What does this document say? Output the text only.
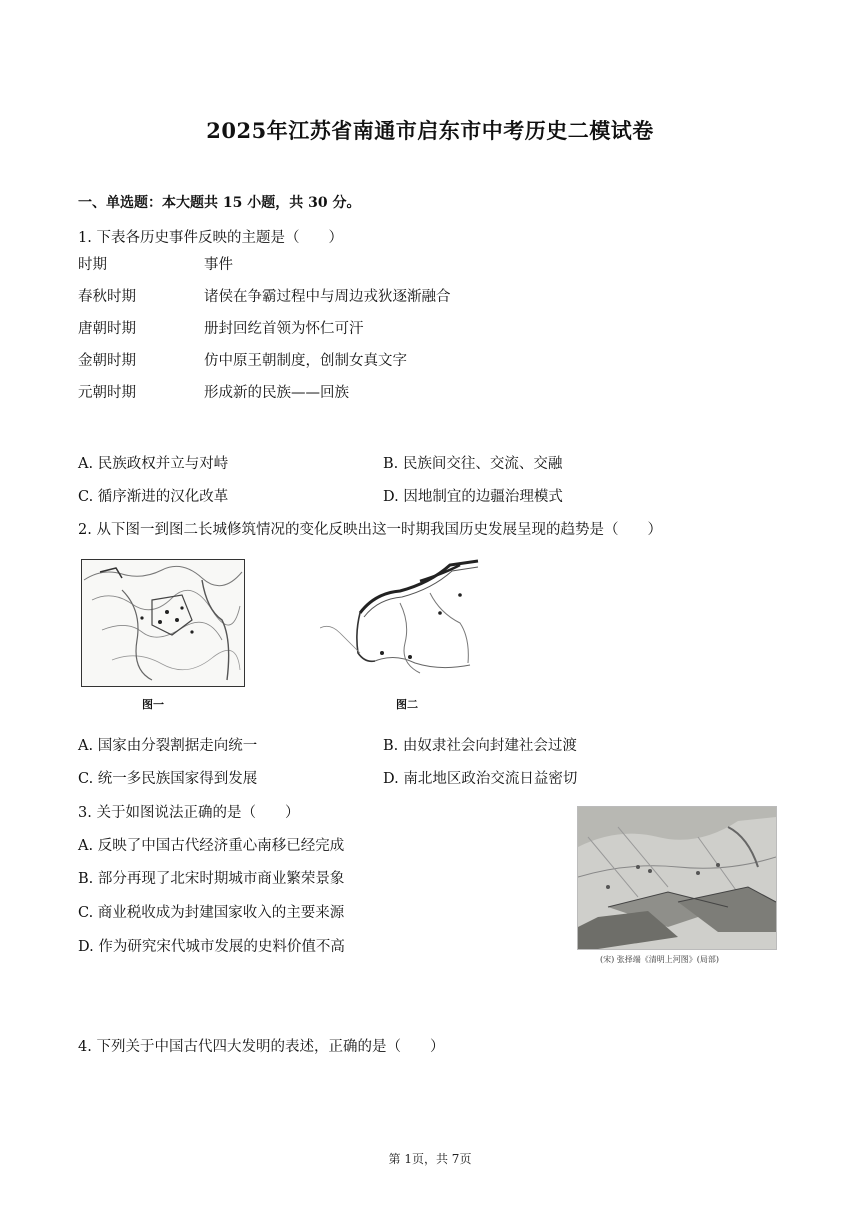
2025年江苏省南通市启东市中考历史二模试卷
一、单选题：本大题共 15 小题，共 30 分。
1. 下表各历史事件反映的主题是（　　）
时期	事件
春秋时期	诸侯在争霸过程中与周边戎狄逐渐融合
唐朝时期	册封回纥首领为怀仁可汗
金朝时期	仿中原王朝制度，创制女真文字
元朝时期	形成新的民族——回族
A. 民族政权并立与对峙	B. 民族间交往、交流、交融
C. 循序渐进的汉化改革	D. 因地制宜的边疆治理模式
2. 从下图一到图二长城修筑情况的变化反映出这一时期我国历史发展呈现的趋势是（　　）
图一	图二
A. 国家由分裂割据走向统一	B. 由奴隶社会向封建社会过渡
C. 统一多民族国家得到发展	D. 南北地区政治交流日益密切
3. 关于如图说法正确的是（　　）
A. 反映了中国古代经济重心南移已经完成
B. 部分再现了北宋时期城市商业繁荣景象
C. 商业税收成为封建国家收入的主要来源
D. 作为研究宋代城市发展的史料价值不高
(宋) 张择端《清明上河图》(局部)
4. 下列关于中国古代四大发明的表述，正确的是（　　）
第 1页，共 7页
